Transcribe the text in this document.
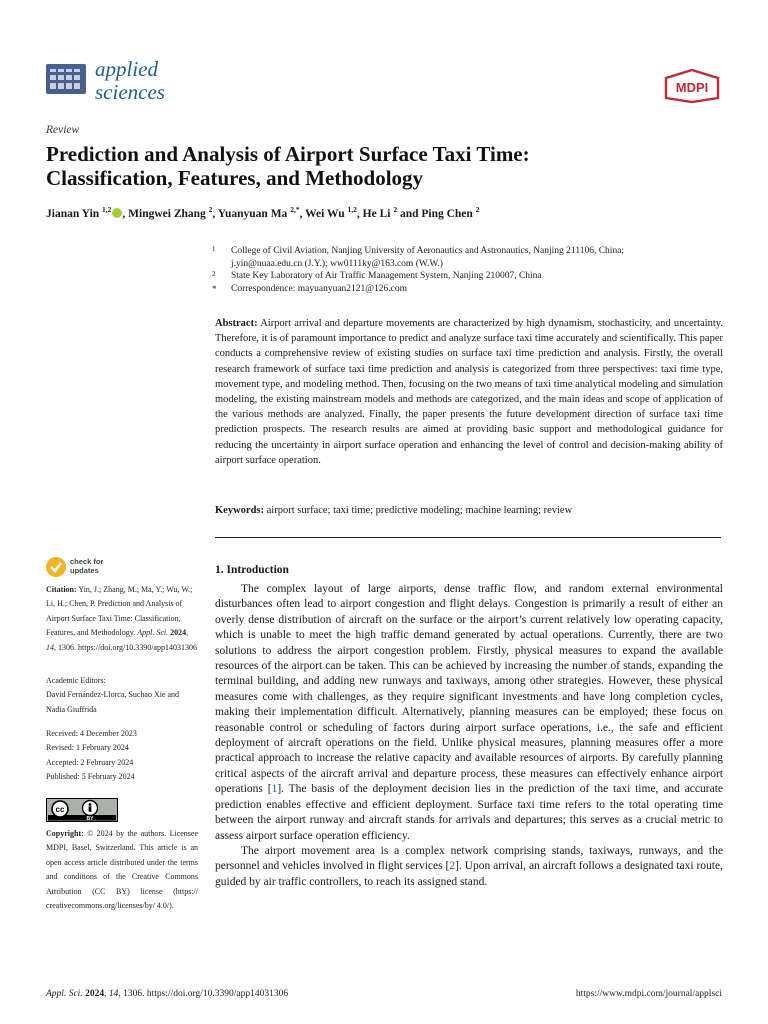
applied
sciences	MDPI
Review
Prediction and Analysis of Airport Surface Taxi Time:
Classification, Features, and Methodology
Jianan Yin $^{1,2}$ , Mingwei Zhang $^2$, Yuanyuan Ma $^{2,*}$, Wei Wu $^{1,2}$, He Li $^2$ and Ping Chen $^2$
1 College of Civil Aviation, Nanjing University of Aeronautics and Astronautics, Nanjing 211106, China;
j.yin@nuaa.edu.cn (J.Y.); ww0111ky@163.com (W.W.)
2 State Key Laboratory of Air Traffic Management System, Nanjing 210007, China
* Correspondence: mayuanyuan2121@126.com
Abstract: Airport arrival and departure movements are characterized by high dynamism, stochasticity, and uncertainty. Therefore, it is of paramount importance to predict and analyze surface taxi time accurately and scientifically. This paper conducts a comprehensive review of existing studies on surface taxi time prediction and analysis. Firstly, the overall research framework of surface taxi time prediction and analysis is categorized from three perspectives: taxi time type, movement type, and modeling method. Then, focusing on the two means of taxi time analytical modeling and simulation modeling, the existing mainstream models and methods are categorized, and the main ideas and scope of application of the various methods are analyzed. Finally, the paper presents the future development direction of surface taxi time prediction prospects. The research results are aimed at providing basic support and methodological guidance for reducing the uncertainty in airport surface operation and enhancing the level of control and decision-making ability of airport surface operation.
Keywords: airport surface; taxi time; predictive modeling; machine learning; review
check for
updates
Citation: Yin, J.; Zhang, M.; Ma, Y.; Wu, W.; Li, H.; Chen, P. Prediction and Analysis of Airport Surface Taxi Time: Classification, Features, and Methodology. Appl. Sci. 2024, 14, 1306. https://doi.org/10.3390/app14031306
Academic Editors:
David Fernández-Llorca, Suchao Xie and Nadia Giuffrida
Received: 4 December 2023
Revised: 1 February 2024
Accepted: 2 February 2024
Published: 5 February 2024
cc
BY
Copyright: © 2024 by the authors. Licensee MDPI, Basel, Switzerland. This article is an open access article distributed under the terms and conditions of the Creative Commons Attribution (CC BY) license (https:// creativecommons.org/licenses/by/ 4.0/).
1. Introduction

The complex layout of large airports, dense traffic flow, and random external environmental disturbances often lead to airport congestion and flight delays. Congestion is primarily a result of either an overly dense distribution of aircraft on the surface or the airport’s current relatively low operating capacity, which is unable to meet the high traffic demand generated by actual operations. Currently, there are two solutions to address the airport congestion problem. Firstly, physical measures to expand the available resources of the airport can be taken. This can be achieved by increasing the number of stands, expanding the terminal building, and adding new runways and taxiways, among other strategies. However, these physical measures come with challenges, as they require significant investments and have long completion cycles, making their implementation difficult. Alternatively, planning measures can be employed; these focus on reasonable control or scheduling of factors during airport surface operations, i.e., the safe and efficient deployment of aircraft operations on the field. Unlike physical measures, planning measures offer a more practical approach to increase the relative capacity and available resources of airports. By carefully planning critical aspects of the aircraft arrival and departure process, these measures can effectively enhance airport operations [1]. The basis of the deployment decision lies in the prediction of the taxi time, and accurate prediction enables effective and efficient deployment. Surface taxi time refers to the total operating time between the airport runway and aircraft stands for arrivals and departures; this serves as a crucial metric to assess airport surface operation efficiency.

The airport movement area is a complex network comprising stands, taxiways, runways, and the personnel and vehicles involved in flight services [2]. Upon arrival, an aircraft follows a designated taxi route, guided by air traffic controllers, to reach its assigned stand.

Appl. Sci. 2024, 14, 1306. https://doi.org/10.3390/app14031306	https://www.mdpi.com/journal/applsci
